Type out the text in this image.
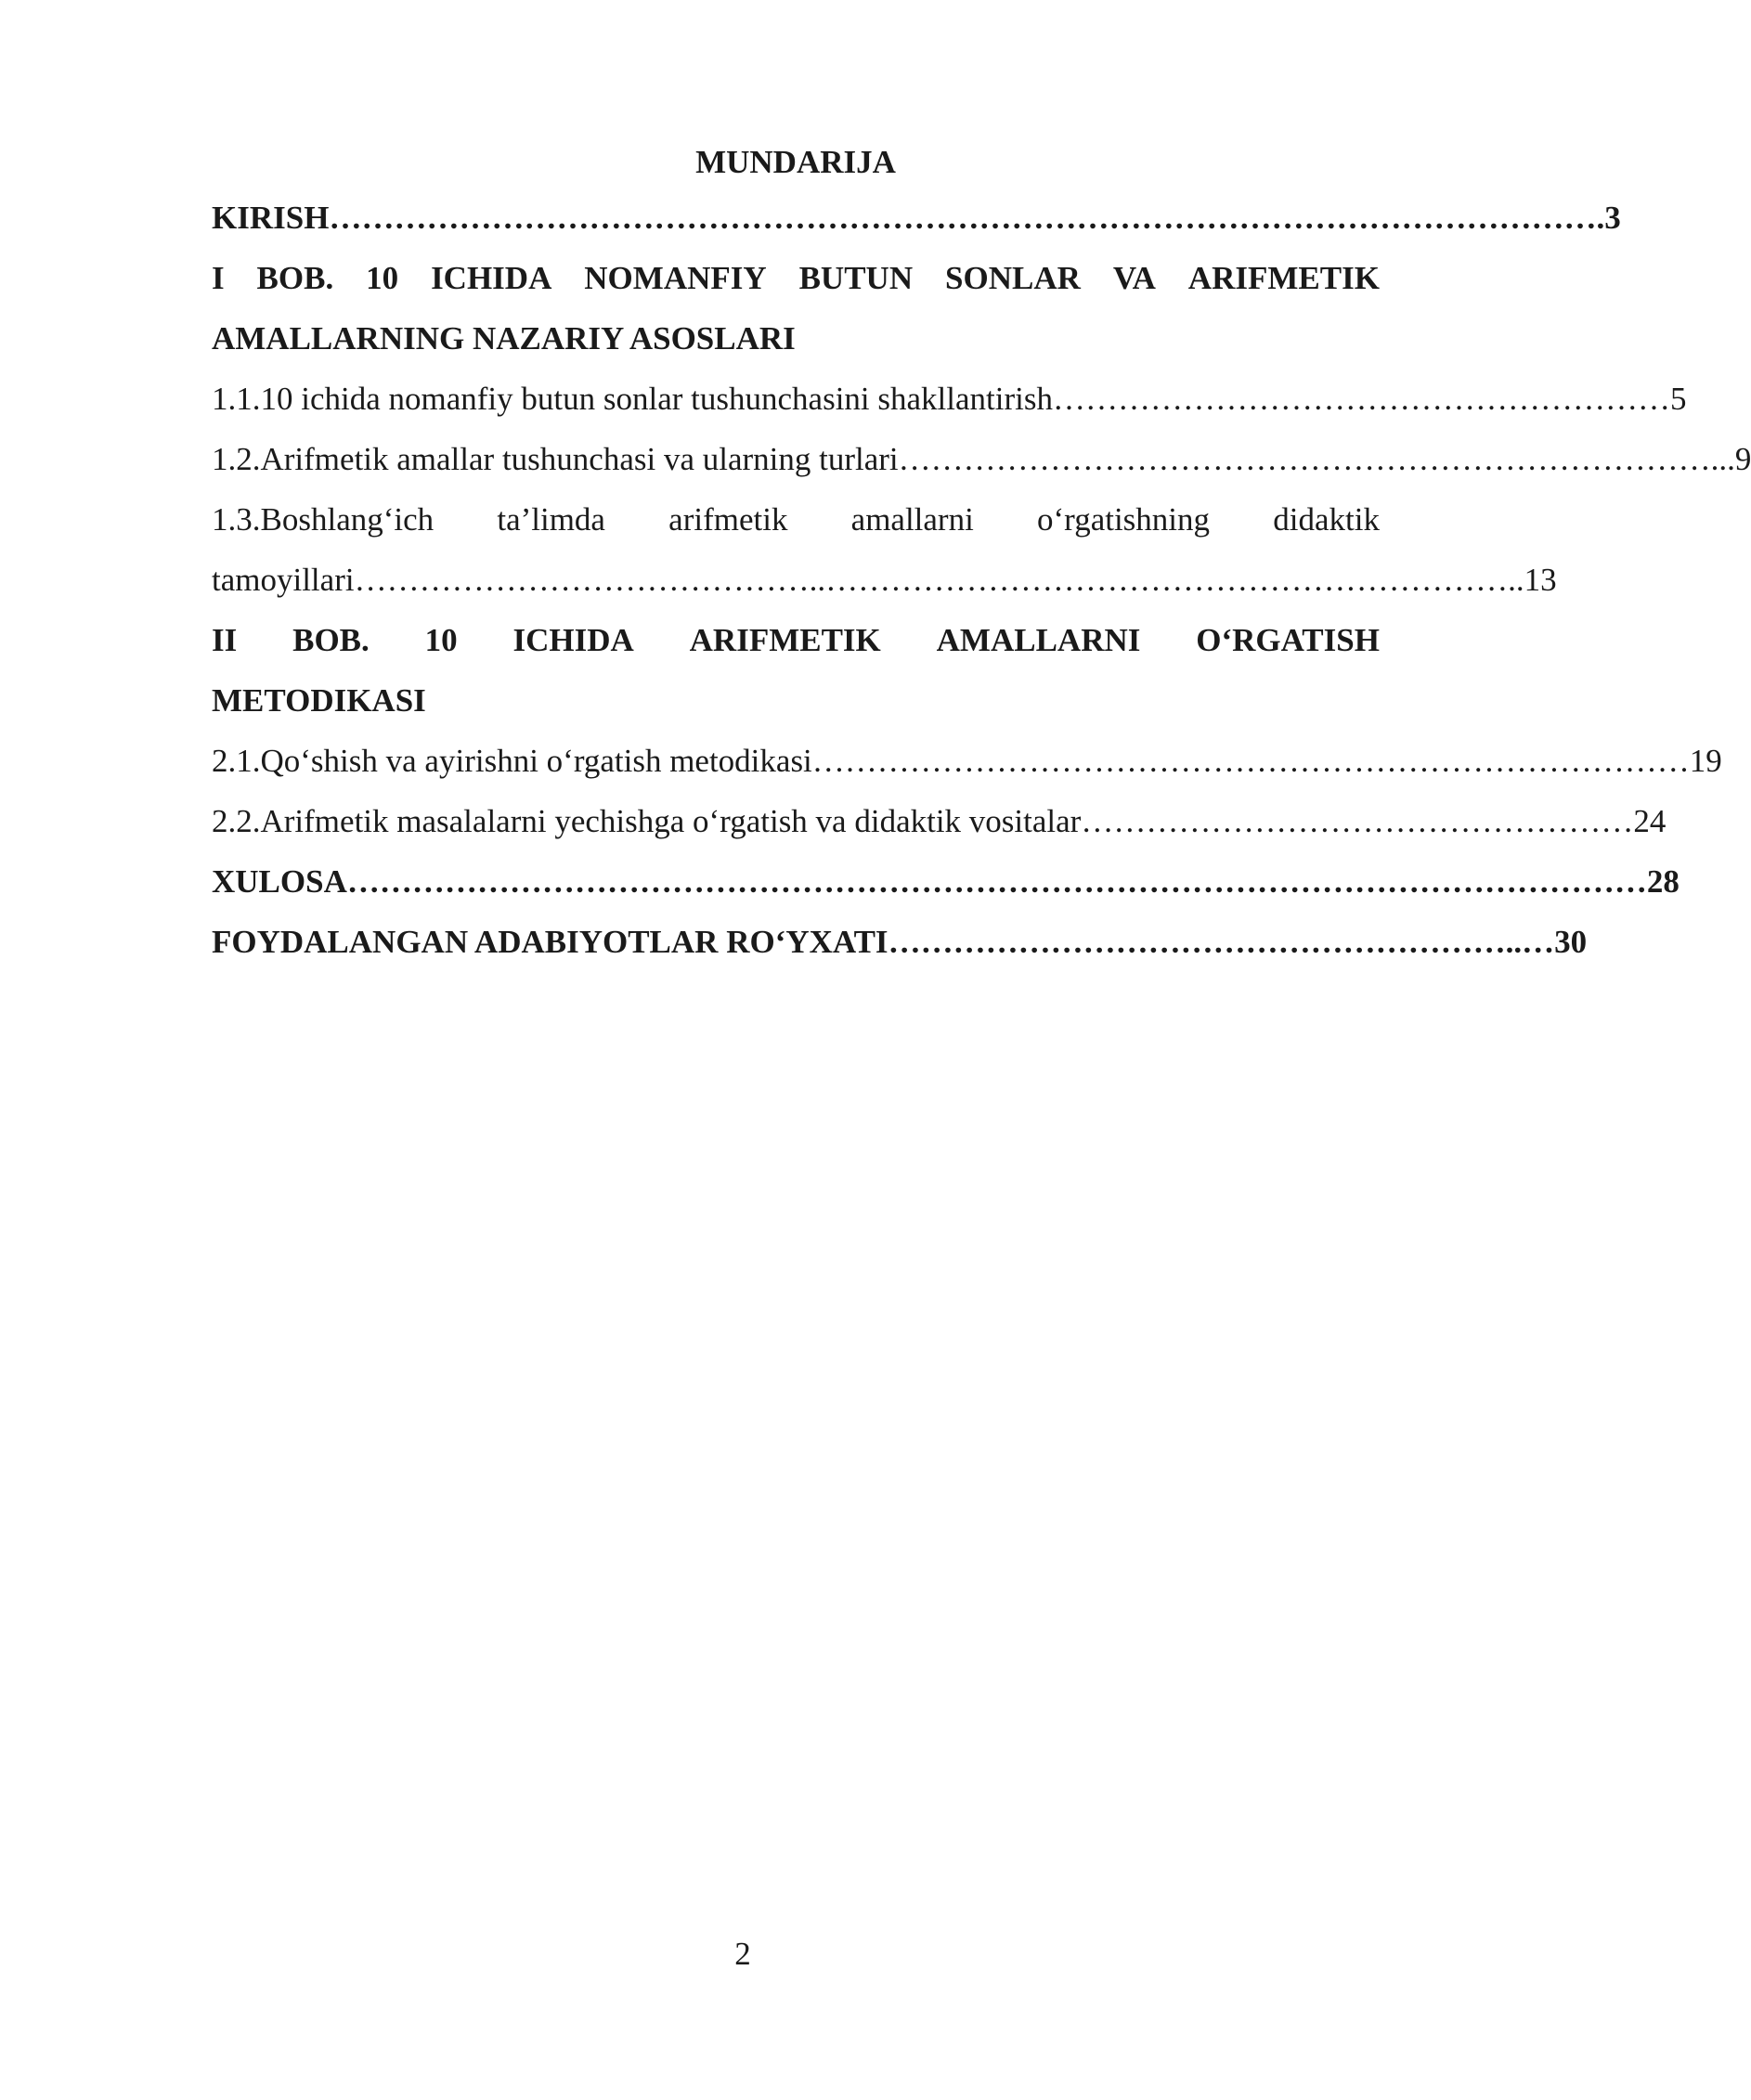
MUNDARIJA
KIRISH ………………………………………………………………………………………………………. 3
I BOB. 10 ICHIDA NOMANFIY BUTUN SONLAR VA ARIFMETIK
AMALLARNING NAZARIY ASOSLARI
1.1.10 ichida nomanfiy butun sonlar tushunchasini shakllantirish ………………………………………………… 5
1.2.Arifmetik amallar tushunchasi va ularning turlari …………………………………………………………………... 9
1.3.Boshlang‘ich ta’limda arifmetik amallarni o‘rgatishning didaktik
tamoyillari ……………………………………..……………………………………………………….. 13
II BOB. 10 ICHIDA ARIFMETIK AMALLARNI O‘RGATISH
METODIKASI
2.1.Qo‘shish va ayirishni o‘rgatish metodikasi ……………………………………………………………………… 19
2.2.Arifmetik masalalarni yechishga o‘rgatish va didaktik vositalar …………………………………………… 24
XULOSA ………………………………………………………………………………………………………… 28
FOYDALANGAN ADABIYOTLAR RO‘YXATI …………………………………………………..… 30
2
